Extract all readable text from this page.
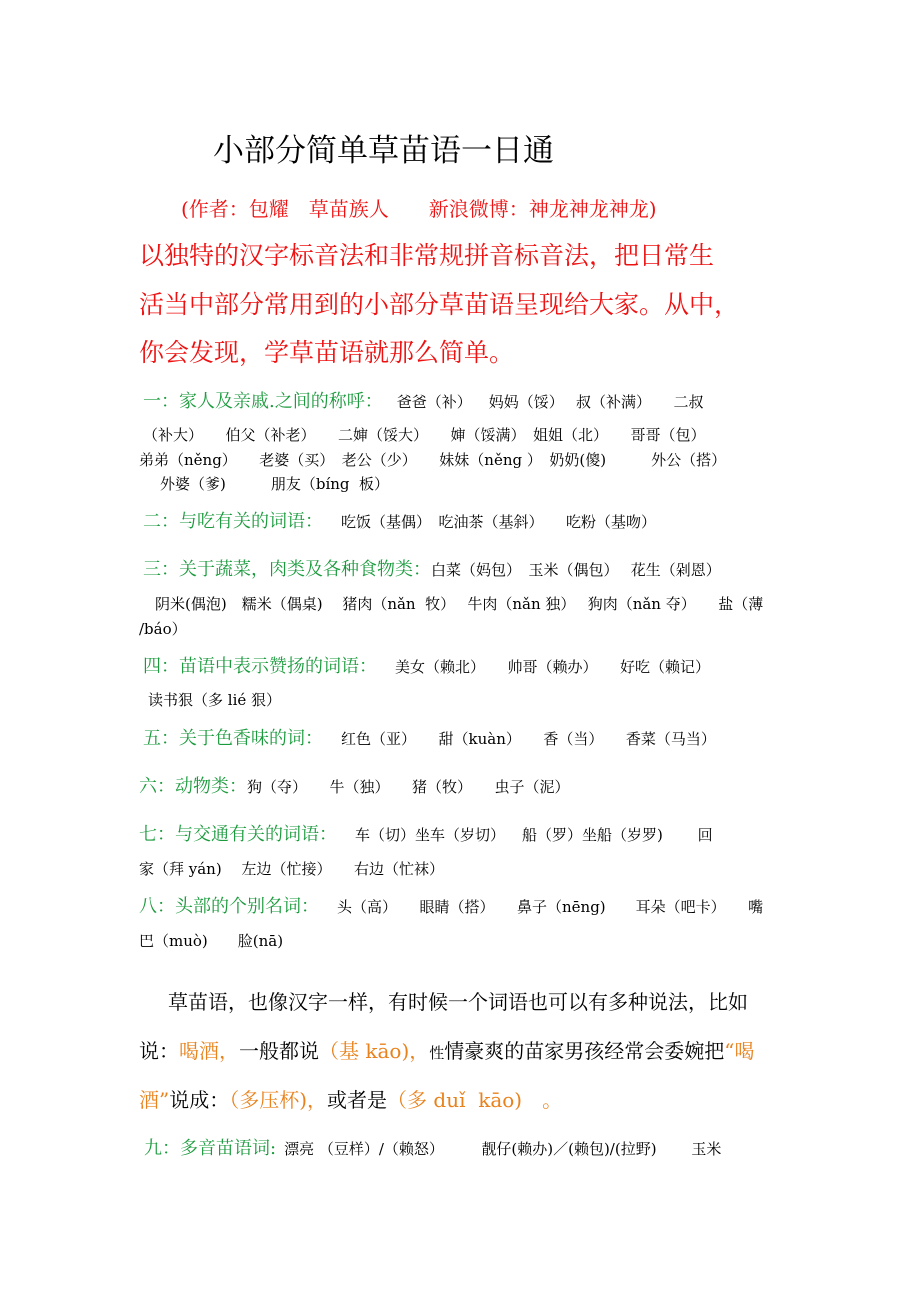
小部分简单草苗语一日通
(作者：包耀　草苗族人　　新浪微博：神龙神龙神龙)
以独特的汉字标音法和非常规拼音标音法，把日常生
活当中部分常用到的小部分草苗语呈现给大家。从中，
你会发现，学草苗语就那么简单。
一：家人及亲戚.之间的称呼： 爸爸（补）　  妈妈（馁）　 叔（补满）　　二叔
（补大）　　伯父（补老）　　二婶（馁大）　　婶（馁满）　姐姐（北）　　哥哥（包）
弟弟（něng）　　老婆（买）　老公（少）　　妹妹（něng ）　奶奶(傻)　　　外公（搭）
外婆（爹)　　　朋友（bíng  板）
二：与吃有关的词语： 吃饭（基偶）　吃油茶（基斜）　　吃粉（基吻）
三：关于蔬菜，肉类及各种食物类：白菜（妈包）　玉米（偶包）　 花生（剁恩）
阴米(偶泡)　糯米（偶桌)　 猪肉（nǎn  牧）　 牛肉（nǎn 独）　 狗肉（nǎn 夺）　　盐（薄
/báo）
四：苗语中表示赞扬的词语： 美女（赖北）　　帅哥（赖办）　　好吃（赖记）
读书狠（多 lié 狠）
五：关于色香味的词： 红色（亚）　　甜（kuàn）　　香（当）　　香菜（马当）
六：动物类：狗（夺）　　牛（独）　　猪（牧）　　虫子（泥）
七：与交通有关的词语： 车（切）坐车（岁切）　  船（罗）坐船（岁罗)　　 回
家（拜 yán)　 左边（忙接）　　右边（忙袜）
八：头部的个别名词： 头（高）　　眼睛（搭）　　鼻子（nēng)　　耳朵（吧卡）　　嘴
巴（muò)　　脸(nā)
草苗语，也像汉字一样，有时候一个词语也可以有多种说法，比如
说：喝酒，一般都说（基 kāo)，性情豪爽的苗家男孩经常会委婉把“喝
酒”说成：（多压杯)，或者是（多 duǐ  kāo)　。
九：多音苗语词: 漂亮 （豆样）/（赖怒）　　　靓仔(赖办)／(赖包)/(拉野)　　 玉米
